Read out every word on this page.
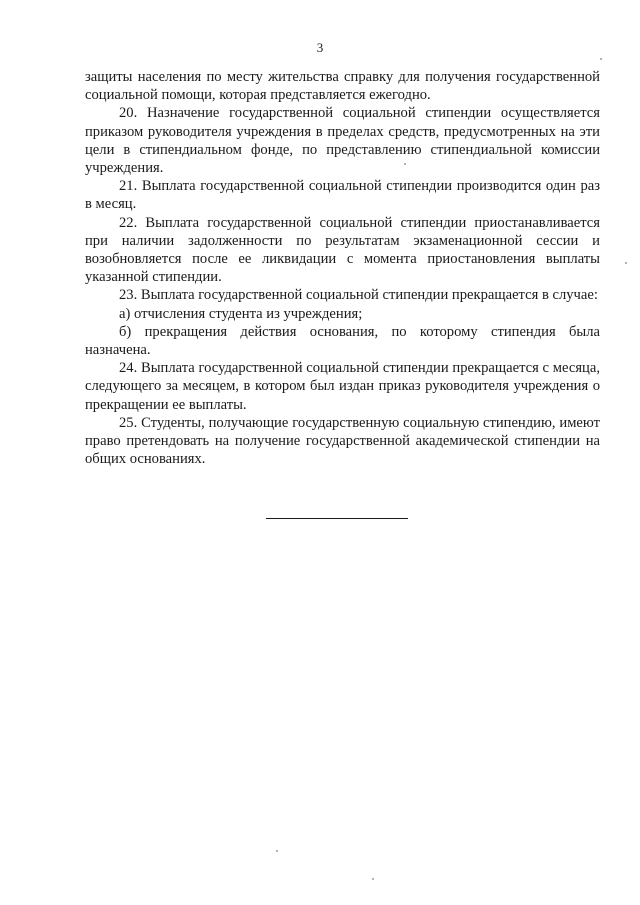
3

защиты населения по месту жительства справку для получения государственной социальной помощи, которая представляется ежегодно.

20. Назначение государственной социальной стипендии осуществляется приказом руководителя учреждения в пределах средств, предусмотренных на эти цели в стипендиальном фонде, по представлению стипендиальной комиссии учреждения.

21. Выплата государственной социальной стипендии производится один раз в месяц.

22. Выплата государственной социальной стипендии приостанавливается при наличии задолженности по результатам экзаменационной сессии и возобновляется после ее ликвидации с момента приостановления выплаты указанной стипендии.

23. Выплата государственной социальной стипендии прекращается в случае:

а) отчисления студента из учреждения;

б) прекращения действия основания, по которому стипендия была назначена.

24. Выплата государственной социальной стипендии прекращается с месяца, следующего за месяцем, в котором был издан приказ руководителя учреждения о прекращении ее выплаты.

25. Студенты, получающие государственную социальную стипендию, имеют право претендовать на получение государственной академической стипендии на общих основаниях.
